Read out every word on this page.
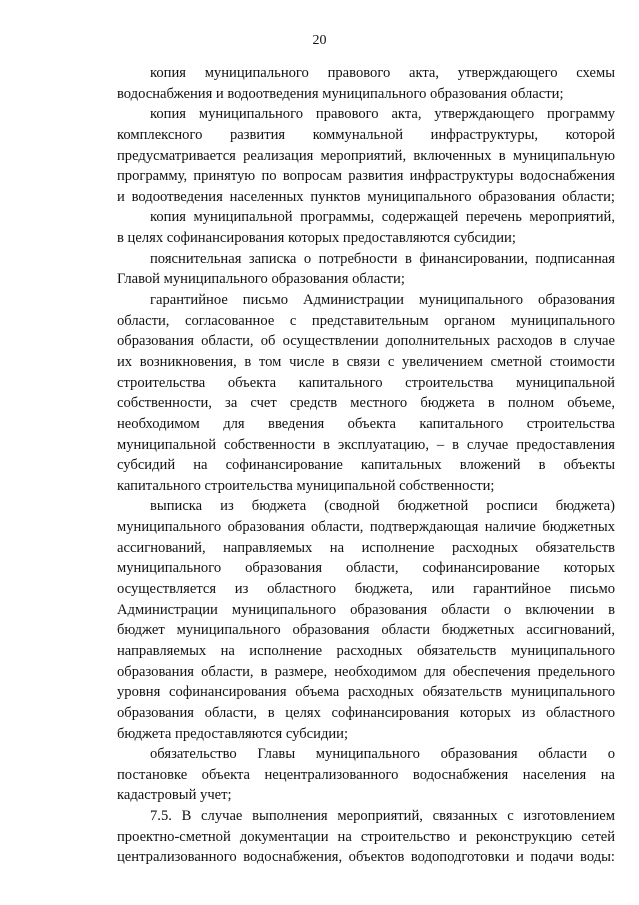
20
копия муниципального правового акта, утверждающего схемы
водоснабжения и водоотведения муниципального образования области;
копия муниципального правового акта, утверждающего программу
комплексного развития коммунальной инфраструктуры, которой
предусматривается реализация мероприятий, включенных в муниципальную
программу, принятую по вопросам развития инфраструктуры водоснабжения
и водоотведения населенных пунктов муниципального образования области;
копия муниципальной программы, содержащей перечень мероприятий,
в целях софинансирования которых предоставляются субсидии;
пояснительная записка о потребности в финансировании, подписанная
Главой муниципального образования области;
гарантийное письмо Администрации муниципального образования
области, согласованное с представительным органом муниципального
образования области, об осуществлении дополнительных расходов в случае
их возникновения, в том числе в связи с увеличением сметной стоимости
строительства объекта капитального строительства муниципальной
собственности, за счет средств местного бюджета в полном объеме,
необходимом для введения объекта капитального строительства
муниципальной собственности в эксплуатацию, – в случае предоставления
субсидий на софинансирование капитальных вложений в объекты
капитального строительства муниципальной собственности;
выписка из бюджета (сводной бюджетной росписи бюджета)
муниципального образования области, подтверждающая наличие бюджетных
ассигнований, направляемых на исполнение расходных обязательств
муниципального образования области, софинансирование которых
осуществляется из областного бюджета, или гарантийное письмо
Администрации муниципального образования области о включении в
бюджет муниципального образования области бюджетных ассигнований,
направляемых на исполнение расходных обязательств муниципального
образования области, в размере, необходимом для обеспечения предельного
уровня софинансирования объема расходных обязательств муниципального
образования области, в целях софинансирования которых из областного
бюджета предоставляются субсидии;
обязательство Главы муниципального образования области о
постановке объекта нецентрализованного водоснабжения населения на
кадастровый учет;
7.5. В случае выполнения мероприятий, связанных с изготовлением
проектно-сметной документации на строительство и реконструкцию сетей
централизованного водоснабжения, объектов водоподготовки и подачи воды:
